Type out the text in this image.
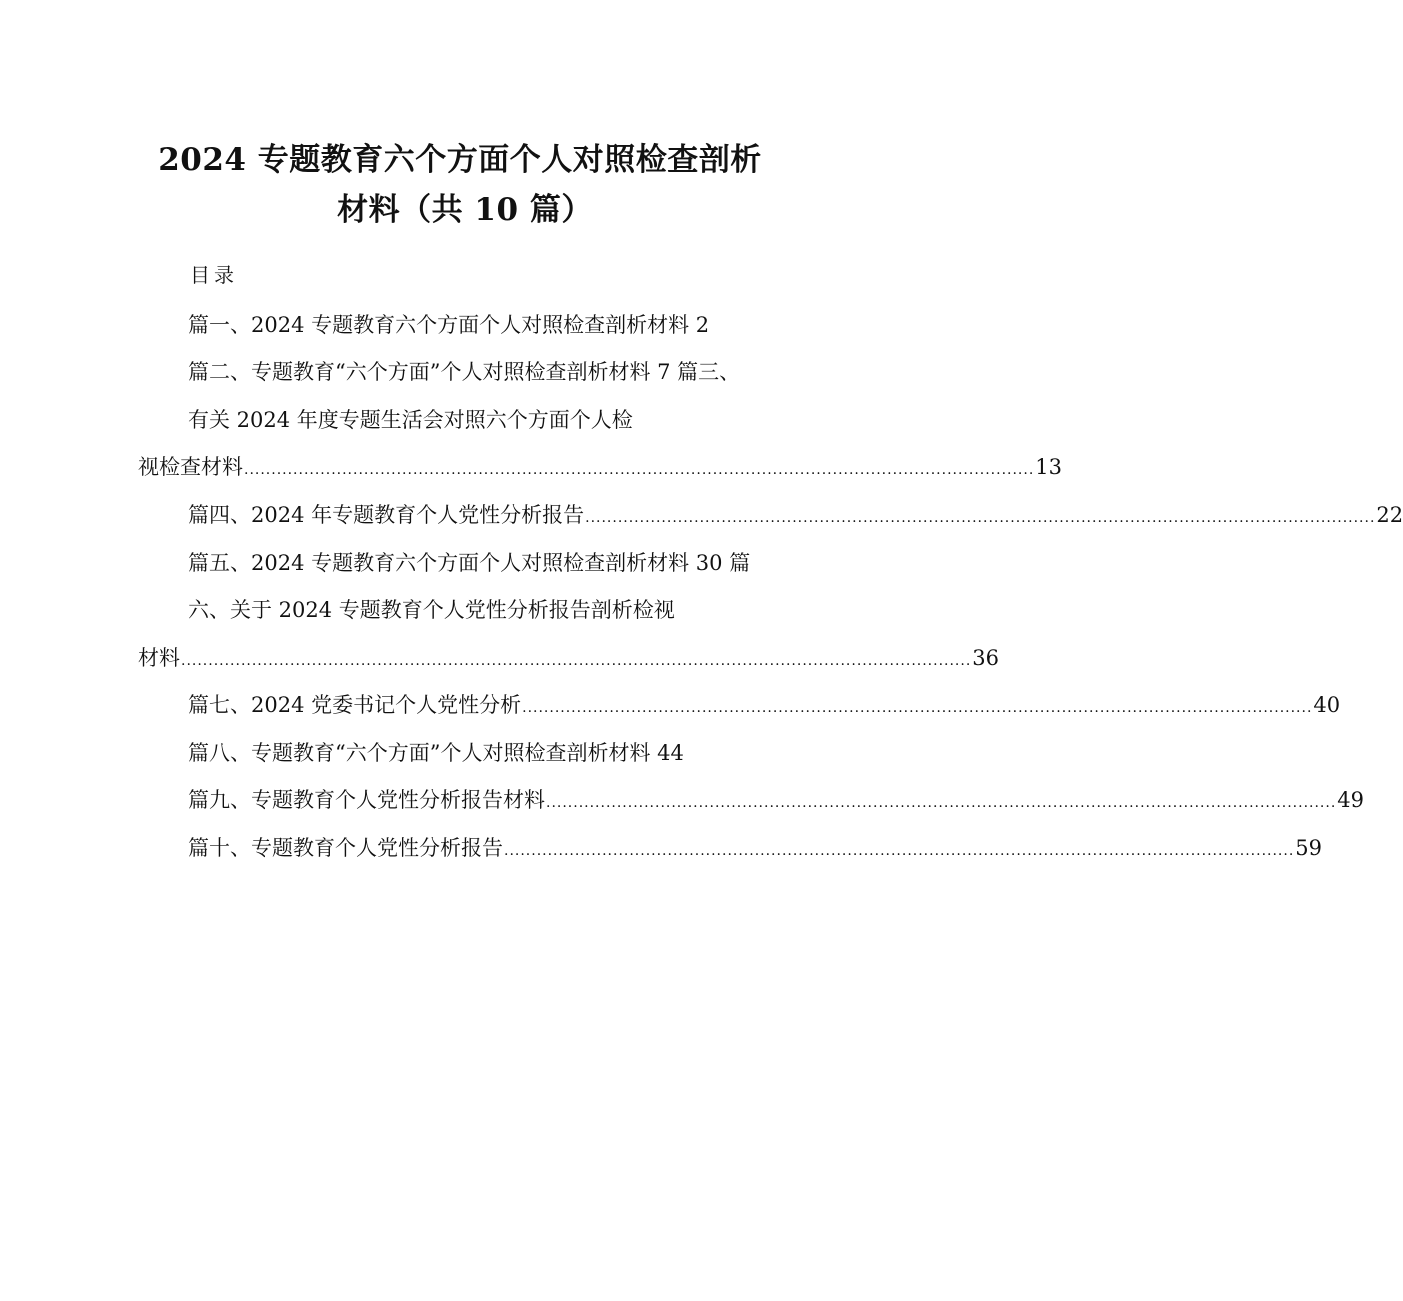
2024 专题教育六个方面个人对照检查剖析
材料（共 10 篇）
目录
篇一、2024 专题教育六个方面个人对照检查剖析材料 2
篇二、专题教育“六个方面”个人对照检查剖析材料 7 篇三、
有关 2024 年度专题生活会对照六个方面个人检
视检查材料 ................................................................................................................................................. 13
篇四、2024 年专题教育个人党性分析报告 ................................................................................................................................................. 22
篇五、2024 专题教育六个方面个人对照检查剖析材料 30 篇
六、关于 2024 专题教育个人党性分析报告剖析检视
材料 ................................................................................................................................................. 36
篇七、2024 党委书记个人党性分析 ................................................................................................................................................. 40
篇八、专题教育“六个方面”个人对照检查剖析材料 44
篇九、专题教育个人党性分析报告材料 ................................................................................................................................................. 49
篇十、专题教育个人党性分析报告 ................................................................................................................................................. 59
